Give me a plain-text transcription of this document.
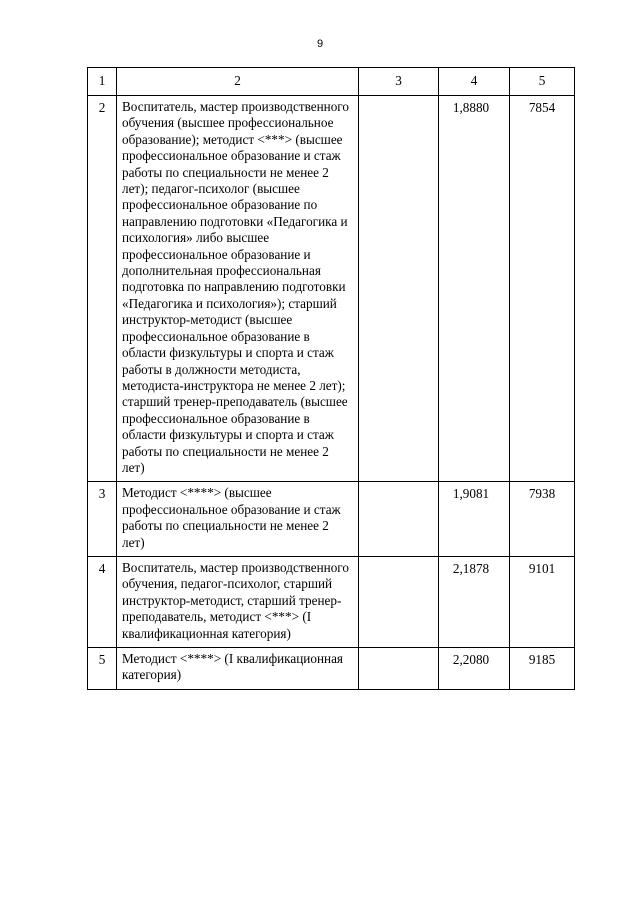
9
1	2	3	4	5
2	Воспитатель, мастер производственного обучения (высшее профессиональное образование); методист <***> (высшее профессиональное образование и стаж работы по специальности не менее 2 лет); педагог-психолог (высшее профессиональное образование по направлению подготовки «Педагогика и психология» либо высшее профессиональное образование и дополнительная профессиональная подготовка по направлению подготовки «Педагогика и психология»); старший инструктор-методист (высшее профессиональное образование в области физкультуры и спорта и стаж работы в должности методиста, методиста-инструктора не менее 2 лет); старший тренер-преподаватель (высшее профессиональное образование в области физкультуры и спорта и стаж работы по специальности не менее 2 лет)		1,8880	7854
3	Методист <****> (высшее профессиональное образование и стаж работы по специальности не менее 2 лет)		1,9081	7938
4	Воспитатель, мастер производственного обучения, педагог-психолог, старший инструктор-методист, старший тренер-преподаватель, методист <***> (I квалификационная категория)		2,1878	9101
5	Методист <****> (I квалификационная категория)		2,2080	9185
